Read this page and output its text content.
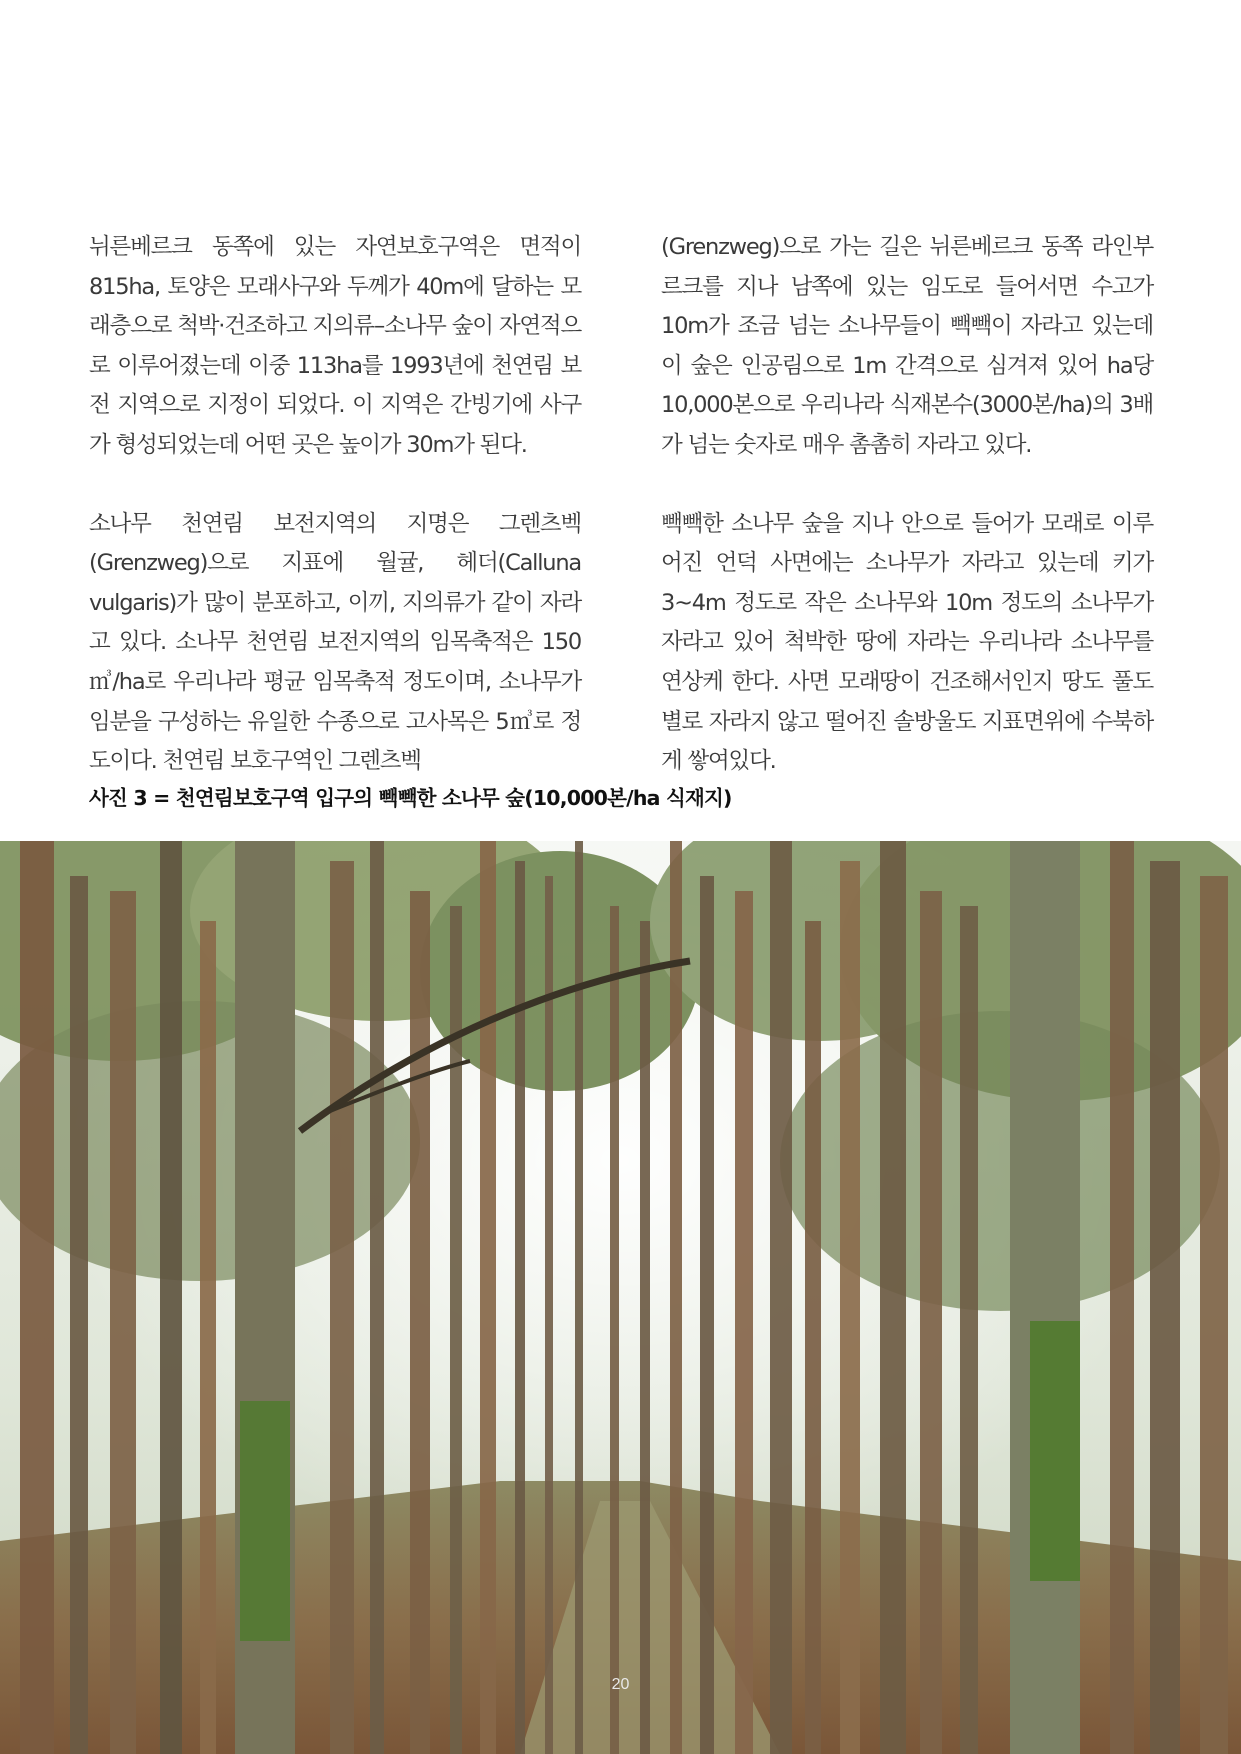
뉘른베르크 동쪽에 있는 자연보호구역은 면적이 815ha, 토양은 모래사구와 두께가 40m에 달하는 모래층으로 척박·건조하고 지의류–소나무 숲이 자연적으로 이루어졌는데 이중 113ha를 1993년에 천연림 보전 지역으로 지정이 되었다. 이 지역은 간빙기에 사구가 형성되었는데 어떤 곳은 높이가 30m가 된다.

소나무 천연림 보전지역의 지명은 그렌츠벡(Grenzweg)으로 지표에 월귤, 헤더(Calluna vulgaris)가 많이 분포하고, 이끼, 지의류가 같이 자라고 있다. 소나무 천연림 보전지역의 임목축적은 150㎥/ha로 우리나라 평균 임목축적 정도이며, 소나무가 임분을 구성하는 유일한 수종으로 고사목은 5㎥로 정도이다. 천연림 보호구역인 그렌츠벡

(Grenzweg)으로 가는 길은 뉘른베르크 동쪽 라인부르크를 지나 남쪽에 있는 임도로 들어서면 수고가 10m가 조금 넘는 소나무들이 빽빽이 자라고 있는데 이 숲은 인공림으로 1m 간격으로 심겨져 있어 ha당 10,000본으로 우리나라 식재본수(3000본/ha)의 3배가 넘는 숫자로 매우 촘촘히 자라고 있다.

빽빽한 소나무 숲을 지나 안으로 들어가 모래로 이루어진 언덕 사면에는 소나무가 자라고 있는데 키가 3~4m 정도로 작은 소나무와 10m 정도의 소나무가 자라고 있어 척박한 땅에 자라는 우리나라 소나무를 연상케 한다. 사면 모래땅이 건조해서인지 땅도 풀도 별로 자라지 않고 떨어진 솔방울도 지표면위에 수북하게 쌓여있다.

사진 3 = 천연림보호구역 입구의 빽빽한 소나무 숲(10,000본/ha 식재지)
20
